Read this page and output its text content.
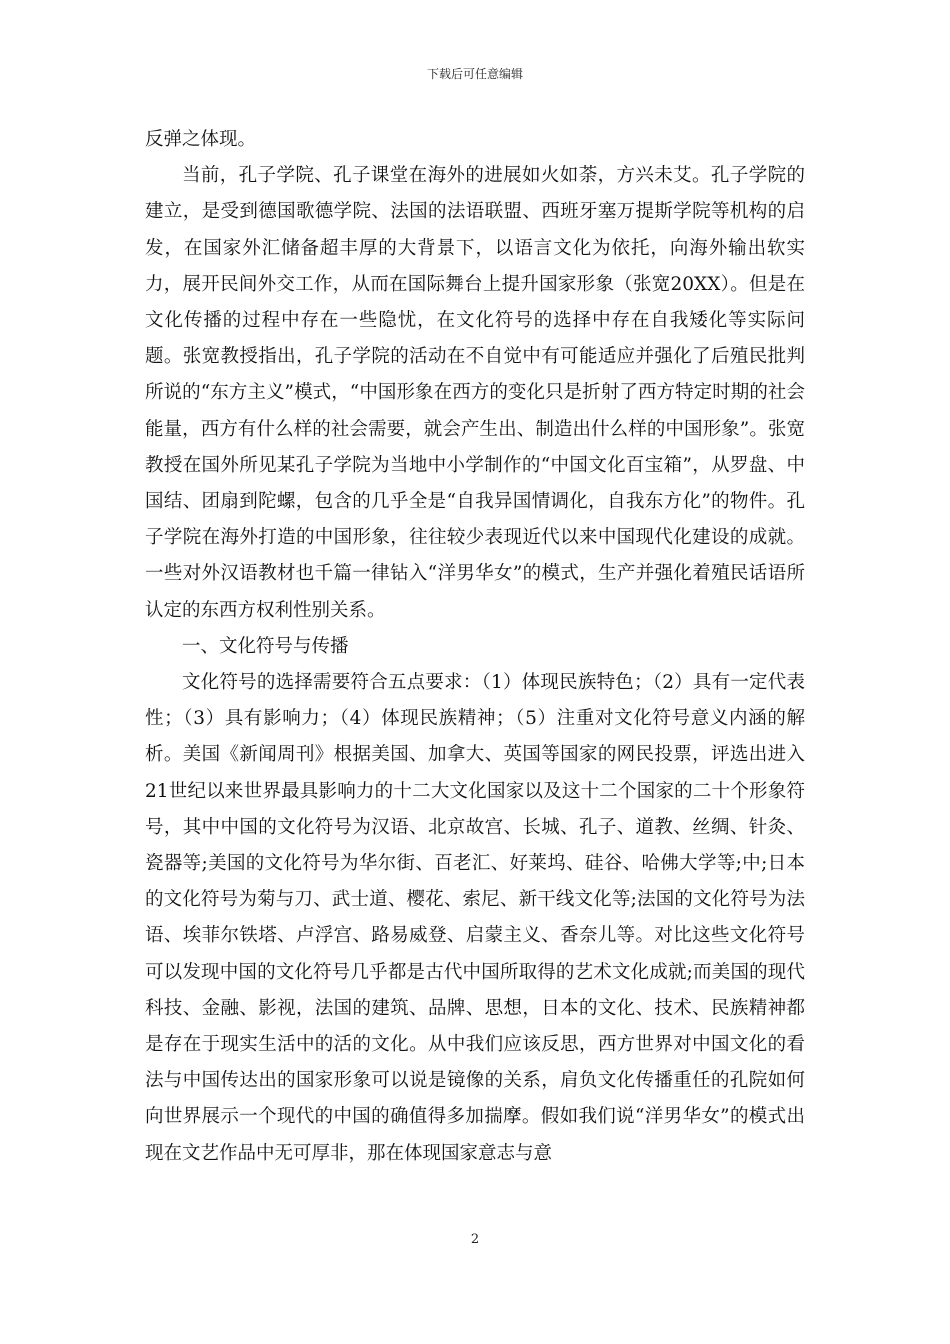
下载后可任意编辑

反弹之体现。

当前，孔子学院、孔子课堂在海外的进展如火如荼，方兴未艾。孔子学院的建立，是受到德国歌德学院、法国的法语联盟、西班牙塞万提斯学院等机构的启发，在国家外汇储备超丰厚的大背景下，以语言文化为依托，向海外输出软实力，展开民间外交工作，从而在国际舞台上提升国家形象（张宽20XX）。但是在文化传播的过程中存在一些隐忧，在文化符号的选择中存在自我矮化等实际问题。张宽教授指出，孔子学院的活动在不自觉中有可能适应并强化了后殖民批判所说的“东方主义”模式，“中国形象在西方的变化只是折射了西方特定时期的社会能量，西方有什么样的社会需要，就会产生出、制造出什么样的中国形象”。张宽教授在国外所见某孔子学院为当地中小学制作的“中国文化百宝箱”，从罗盘、中国结、团扇到陀螺，包含的几乎全是“自我异国情调化，自我东方化”的物件。孔子学院在海外打造的中国形象，往往较少表现近代以来中国现代化建设的成就。一些对外汉语教材也千篇一律钻入“洋男华女”的模式，生产并强化着殖民话语所认定的东西方权利性别关系。

一、文化符号与传播

文化符号的选择需要符合五点要求：（1）体现民族特色；（2）具有一定代表性；（3）具有影响力；（4）体现民族精神；（5）注重对文化符号意义内涵的解析。美国《新闻周刊》根据美国、加拿大、英国等国家的网民投票，评选出进入21世纪以来世界最具影响力的十二大文化国家以及这十二个国家的二十个形象符号，其中中国的文化符号为汉语、北京故宫、长城、孔子、道教、丝绸、针灸、瓷器等;美国的文化符号为华尔街、百老汇、好莱坞、硅谷、哈佛大学等;中;日本的文化符号为菊与刀、武士道、樱花、索尼、新干线文化等;法国的文化符号为法语、埃菲尔铁塔、卢浮宫、路易威登、启蒙主义、香奈儿等。对比这些文化符号可以发现中国的文化符号几乎都是古代中国所取得的艺术文化成就;而美国的现代科技、金融、影视，法国的建筑、品牌、思想，日本的文化、技术、民族精神都是存在于现实生活中的活的文化。从中我们应该反思，西方世界对中国文化的看法与中国传达出的国家形象可以说是镜像的关系，肩负文化传播重任的孔院如何向世界展示一个现代的中国的确值得多加揣摩。假如我们说“洋男华女”的模式出现在文艺作品中无可厚非，那在体现国家意志与意

2
